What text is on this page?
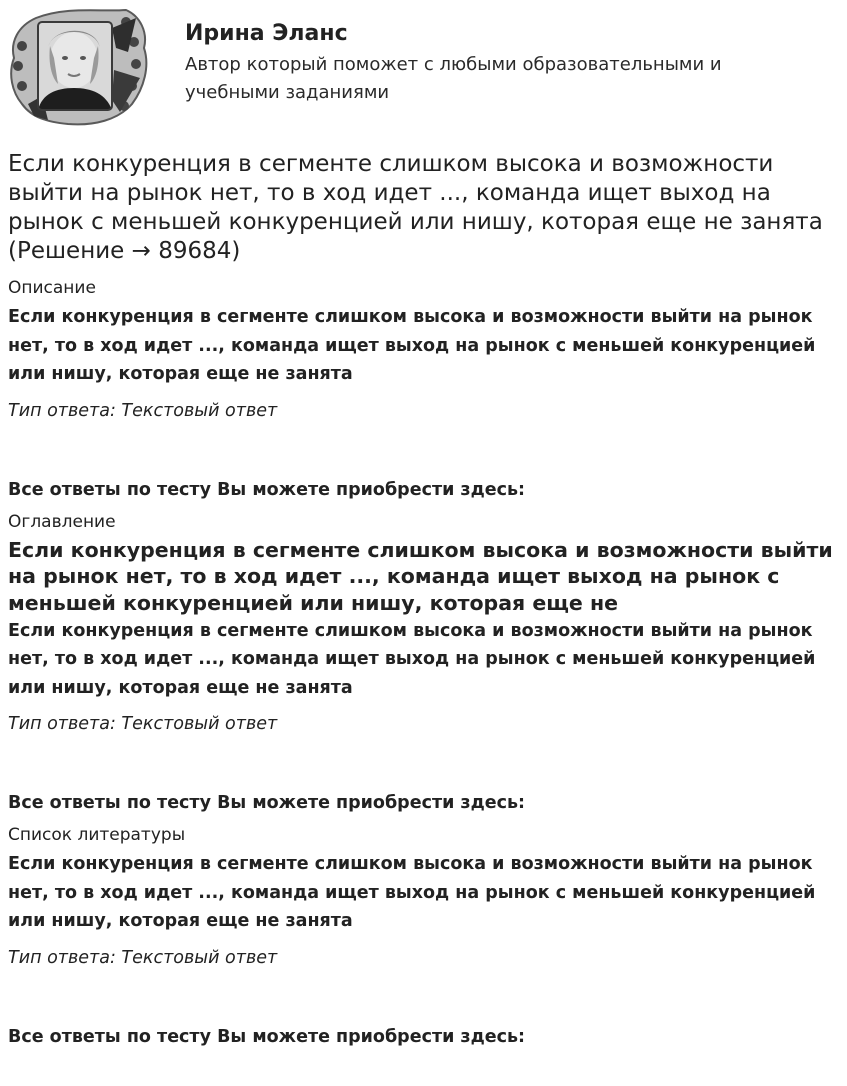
Ирина Эланс

Автор который поможет с любыми образовательными и учебными заданиями

Если конкуренция в сегменте слишком высока и возможности выйти на рынок нет, то в ход идет ..., команда ищет выход на рынок с меньшей конкуренцией или нишу, которая еще не занята (Решение → 89684)

Описание

Если конкуренция в сегменте слишком высока и возможности выйти на рынок нет, то в ход идет ..., команда ищет выход на рынок с меньшей конкуренцией или нишу, которая еще не занята

Тип ответа: Текстовый ответ

Все ответы по тесту Вы можете приобрести здесь:

Оглавление

Если конкуренция в сегменте слишком высока и возможности выйти на рынок нет, то в ход идет ..., команда ищет выход на рынок с меньшей конкуренцией или нишу, которая еще не

Если конкуренция в сегменте слишком высока и возможности выйти на рынок нет, то в ход идет ..., команда ищет выход на рынок с меньшей конкуренцией или нишу, которая еще не занята

Тип ответа: Текстовый ответ

Все ответы по тесту Вы можете приобрести здесь:

Список литературы

Если конкуренция в сегменте слишком высока и возможности выйти на рынок нет, то в ход идет ..., команда ищет выход на рынок с меньшей конкуренцией или нишу, которая еще не занята

Тип ответа: Текстовый ответ

Все ответы по тесту Вы можете приобрести здесь:
